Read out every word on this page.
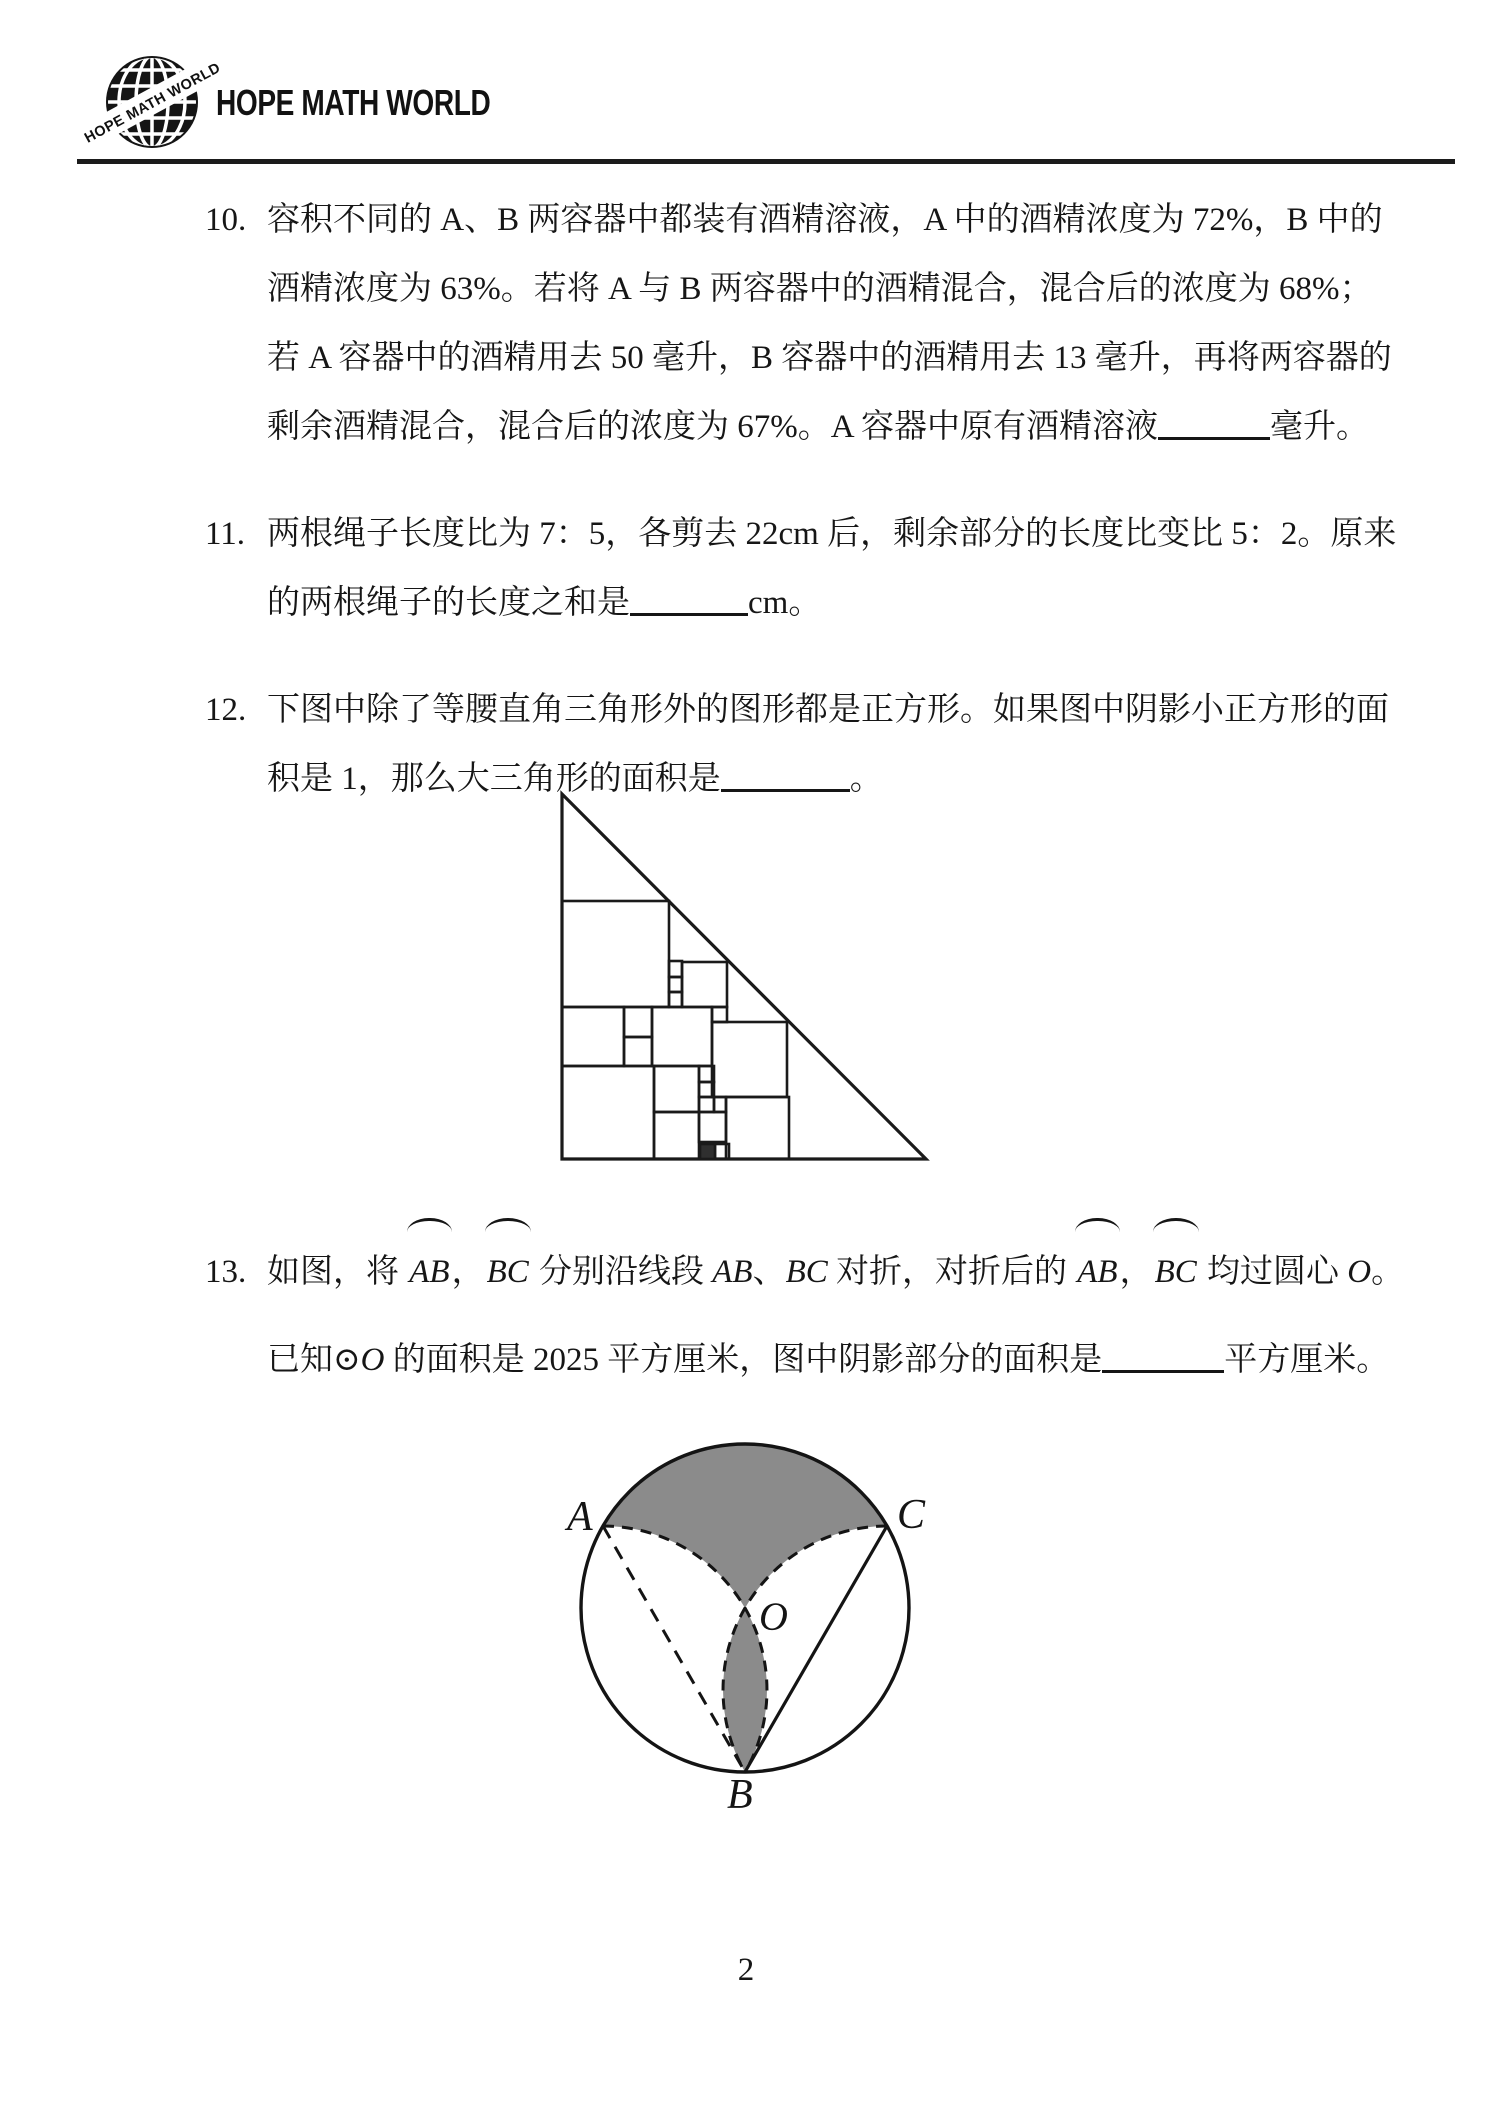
HOPE MATH WORLD
HOPE MATH WORLD
10. 容积不同的 A、B 两容器中都装有酒精溶液，A 中的酒精浓度为 72%，B 中的
酒精浓度为 63%。若将 A 与 B 两容器中的酒精混合，混合后的浓度为 68%；
若 A 容器中的酒精用去 50 毫升，B 容器中的酒精用去 13 毫升，再将两容器的
剩余酒精混合，混合后的浓度为 67%。A 容器中原有酒精溶液	毫升。
11. 两根绳子长度比为 7：5，各剪去 22cm 后，剩余部分的长度比变比 5：2。原来
的两根绳子的长度之和是	cm。
12. 下图中除了等腰直角三角形外的图形都是正方形。如果图中阴影小正方形的面
积是 1，那么大三角形的面积是	。
13. 如图，将
AB，
BC 分别沿线段 AB、BC 对折，对折后的
AB，
BC 均过圆心 O。
已知⊙O 的面积是 2025 平方厘米，图中阴影部分的面积是	平方厘米。
A	C
O
B
2
